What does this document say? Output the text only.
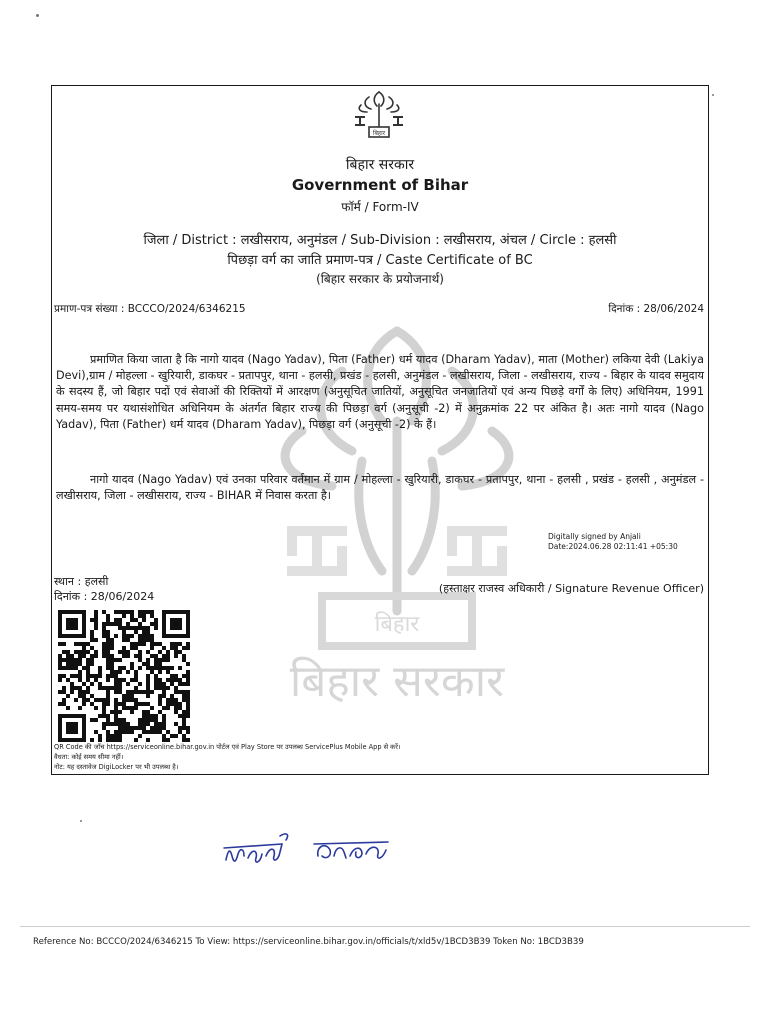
बिहार
बिहार सरकार
बिहार सरकार
Government of Bihar
फॉर्म / Form-IV
जिला / District : लखीसराय, अनुमंडल / Sub-Division : लखीसराय, अंचल / Circle : हलसी
पिछड़ा वर्ग का जाति प्रमाण-पत्र / Caste Certificate of BC
(बिहार सरकार के प्रयोजनार्थ)
प्रमाण-पत्र संख्या : BCCCO/2024/6346215	दिनांक : 28/06/2024
प्रमाणित किया जाता है कि नागो यादव (Nago Yadav), पिता (Father) धर्म यादव (Dharam Yadav), माता (Mother) लकिया देवी (Lakiya Devi),ग्राम / मोहल्ला - खुरियारी, डाकघर - प्रतापपुर, थाना - हलसी, प्रखंड - हलसी, अनुमंडल - लखीसराय, जिला - लखीसराय, राज्य - बिहार के यादव समुदाय के सदस्य हैं, जो बिहार पदों एवं सेवाओं की रिक्तियों में आरक्षण (अनुसूचित जातियों, अनुसूचित जनजातियों एवं अन्य पिछड़े वर्गों के लिए) अधिनियम, 1991 समय-समय पर यथासंशोधित अधिनियम के अंतर्गत बिहार राज्य की पिछड़ा वर्ग (अनुसूची -2) में अनुक्रमांक 22 पर अंकित है। अतः नागो यादव (Nago Yadav), पिता (Father) धर्म यादव (Dharam Yadav), पिछड़ा वर्ग (अनुसूची -2) के हैं।
नागो यादव (Nago Yadav) एवं उनका परिवार वर्तमान में ग्राम / मोहल्ला - खुरियारी, डाकघर - प्रतापपुर, थाना - हलसी , प्रखंड - हलसी , अनुमंडल - लखीसराय, जिला - लखीसराय, राज्य - BIHAR में निवास करता है।
Digitally signed by Anjali
Date:2024.06.28 02:11:41 +05:30
स्थान : हलसी
दिनांक : 28/06/2024
(हस्ताक्षर राजस्व अधिकारी / Signature Revenue Officer)
QR Code की जाँच https://serviceonline.bihar.gov.in पोर्टल एवं Play Store पर उपलब्ध ServicePlus Mobile App से करें।
वैधता: कोई समय सीमा नहीं।
नोट: यह दस्तावेज DigiLocker पर भी उपलब्ध है।
बिहार
Reference No: BCCCO/2024/6346215 To View: https://serviceonline.bihar.gov.in/officials/t/xld5v/1BCD3B39 Token No: 1BCD3B39
